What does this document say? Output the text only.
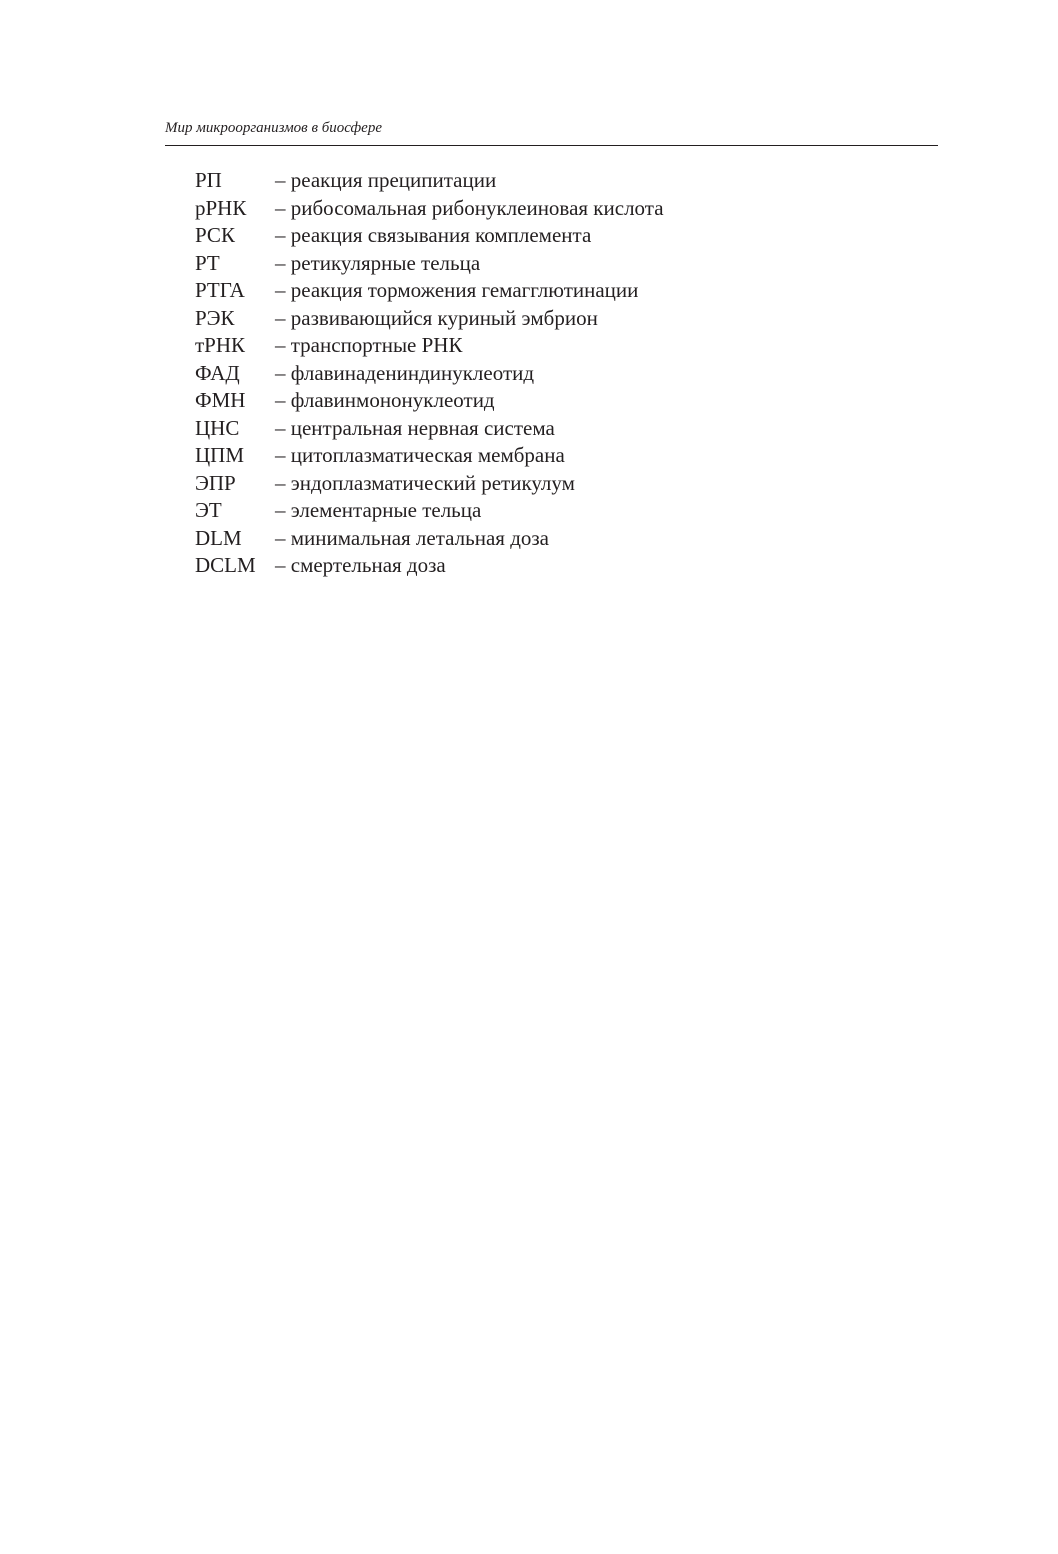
Мир микроорганизмов в биосфере
РП	– реакция преципитации
рРНК	– рибосомальная рибонуклеиновая кислота
РСК	– реакция связывания комплемента
РТ	– ретикулярные тельца
РТГА	– реакция торможения гемагглютинации
РЭК	– развивающийся куриный эмбрион
тРНК	– транспортные РНК
ФАД	– флавинадениндинуклеотид
ФМН	– флавинмононуклеотид
ЦНС	– центральная нервная система
ЦПМ	– цитоплазматическая мембрана
ЭПР	– эндоплазматический ретикулум
ЭТ	– элементарные тельца
DLM	– минимальная летальная доза
DCLM – смертельная доза
